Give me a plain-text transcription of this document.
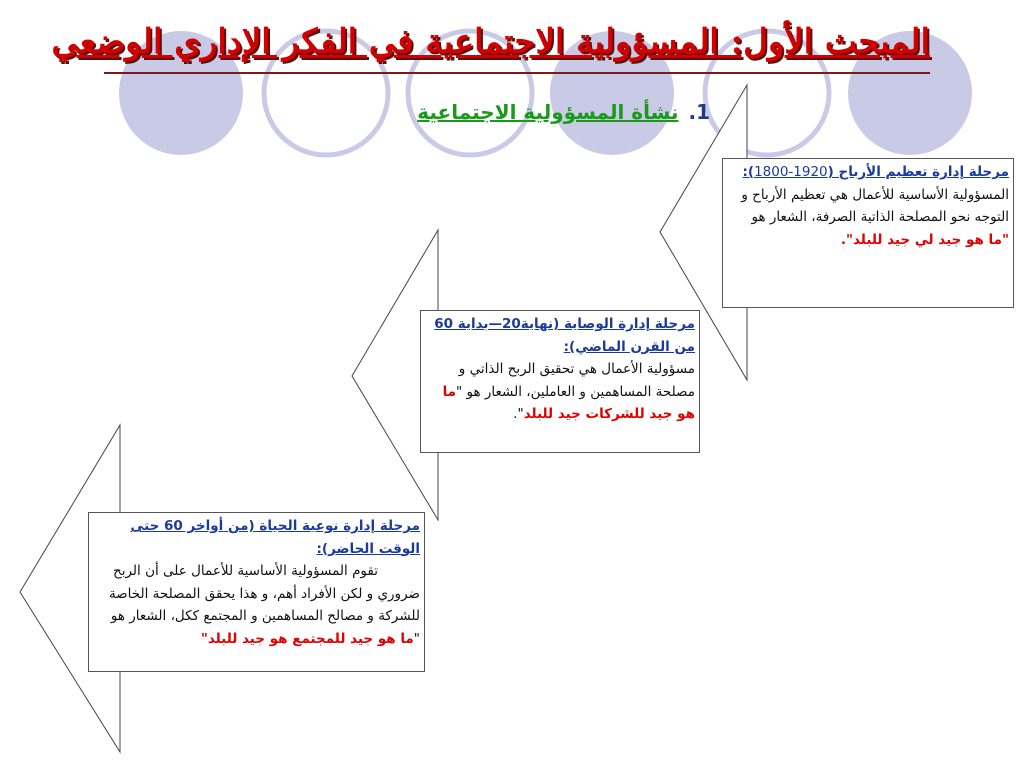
المبحث الأول: المسؤولية الاجتماعية في الفكر الإداري الوضعي
1.نشأة المسؤولية الاجتماعية
مرحلة إدارة تعظيم الأرباح (1800-1920):
المسؤولية الأساسية للأعمال هي تعظيم الأرباح و التوجه نحو المصلحة الذاتية الصرفة، الشعار هو "ما هو جيد لي جيد للبلد".
مرحلة إدارة الوصاية (نهاية20—بداية 60 من القرن الماضي):
مسؤولية الأعمال هي تحقيق الربح الذاتي و مصلحة المساهمين و العاملين، الشعار هو "ما هو جيد للشركات جيد للبلد".
مرحلة إدارة نوعية الحياة (من أواخر 60 حتى الوقت الحاضر):
تقوم المسؤولية الأساسية للأعمال على أن الربح ضروري و لكن الأفراد أهم، و هذا يحقق المصلحة الخاصة للشركة و مصالح المساهمين و المجتمع ككل، الشعار هو "ما هو جيد للمجتمع هو جيد للبلد"
